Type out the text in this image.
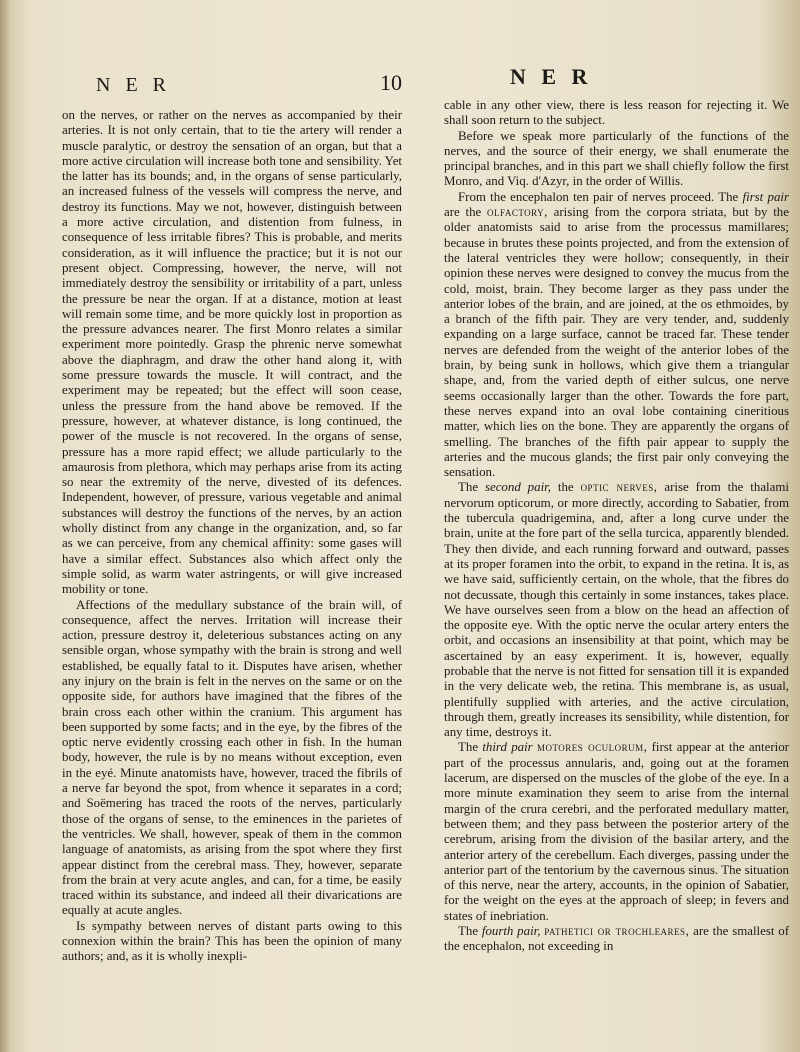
N E R	10	N E R

on the nerves, or rather on the nerves as accompanied by their arteries. It is not only certain, that to tie the artery will render a muscle paralytic, or destroy the sensation of an organ, but that a more active circulation will increase both tone and sensibility. Yet the latter has its bounds; and, in the organs of sense particularly, an increased fulness of the vessels will compress the nerve, and destroy its functions. May we not, however, distinguish between a more active circulation, and distention from fulness, in consequence of less irritable fibres? This is probable, and merits consideration, as it will influence the practice; but it is not our present object. Compressing, however, the nerve, will not immediately destroy the sensibility or irritability of a part, unless the pressure be near the organ. If at a distance, motion at least will remain some time, and be more quickly lost in proportion as the pressure advances nearer. The first Monro relates a similar experiment more pointedly. Grasp the phrenic nerve somewhat above the diaphragm, and draw the other hand along it, with some pressure towards the muscle. It will contract, and the experiment may be repeated; but the effect will soon cease, unless the pressure from the hand above be removed. If the pressure, however, at whatever distance, is long continued, the power of the muscle is not recovered. In the organs of sense, pressure has a more rapid effect; we allude particularly to the amaurosis from plethora, which may perhaps arise from its acting so near the extremity of the nerve, divested of its defences. Independent, however, of pressure, various vegetable and animal substances will destroy the functions of the nerves, by an action wholly distinct from any change in the organization, and, so far as we can perceive, from any chemical affinity: some gases will have a similar effect. Substances also which affect only the simple solid, as warm water astringents, or will give increased mobility or tone.

Affections of the medullary substance of the brain will, of consequence, affect the nerves. Irritation will increase their action, pressure destroy it, deleterious substances acting on any sensible organ, whose sympathy with the brain is strong and well established, be equally fatal to it. Disputes have arisen, whether any injury on the brain is felt in the nerves on the same or on the opposite side, for authors have imagined that the fibres of the brain cross each other within the cranium. This argument has been supported by some facts; and in the eye, by the fibres of the optic nerve evidently crossing each other in fish. In the human body, however, the rule is by no means without exception, even in the eyé. Minute anatomists have, however, traced the fibrils of a nerve far beyond the spot, from whence it separates in a cord; and Soëmering has traced the roots of the nerves, particularly those of the organs of sense, to the eminences in the parietes of the ventricles. We shall, however, speak of them in the common language of anatomists, as arising from the spot where they first appear distinct from the cerebral mass. They, however, separate from the brain at very acute angles, and can, for a time, be easily traced within its substance, and indeed all their divarications are equally at acute angles.

Is sympathy between nerves of distant parts owing to this connexion within the brain? This has been the opinion of many authors; and, as it is wholly inexpli-

cable in any other view, there is less reason for rejecting it. We shall soon return to the subject.

Before we speak more particularly of the functions of the nerves, and the source of their energy, we shall enumerate the principal branches, and in this part we shall chiefly follow the first Monro, and Viq. d'Azyr, in the order of Willis.

From the encephalon ten pair of nerves proceed. The first pair are the olfactory, arising from the corpora striata, but by the older anatomists said to arise from the processus mamillares; because in brutes these points projected, and from the extension of the lateral ventricles they were hollow; consequently, in their opinion these nerves were designed to convey the mucus from the cold, moist, brain. They become larger as they pass under the anterior lobes of the brain, and are joined, at the os ethmoides, by a branch of the fifth pair. They are very tender, and, suddenly expanding on a large surface, cannot be traced far. These tender nerves are defended from the weight of the anterior lobes of the brain, by being sunk in hollows, which give them a triangular shape, and, from the varied depth of either sulcus, one nerve seems occasionally larger than the other. Towards the fore part, these nerves expand into an oval lobe containing cineritious matter, which lies on the bone. They are apparently the organs of smelling. The branches of the fifth pair appear to supply the arteries and the mucous glands; the first pair only conveying the sensation.

The second pair, the optic nerves, arise from the thalami nervorum opticorum, or more directly, according to Sabatier, from the tubercula quadrigemina, and, after a long curve under the brain, unite at the fore part of the sella turcica, apparently blended. They then divide, and each running forward and outward, passes at its proper foramen into the orbit, to expand in the retina. It is, as we have said, sufficiently certain, on the whole, that the fibres do not decussate, though this certainly in some instances, takes place. We have ourselves seen from a blow on the head an affection of the opposite eye. With the optic nerve the ocular artery enters the orbit, and occasions an insensibility at that point, which may be ascertained by an easy experiment. It is, however, equally probable that the nerve is not fitted for sensation till it is expanded in the very delicate web, the retina. This membrane is, as usual, plentifully supplied with arteries, and the active circulation, through them, greatly increases its sensibility, while distention, for any time, destroys it.

The third pair motores oculorum, first appear at the anterior part of the processus annularis, and, going out at the foramen lacerum, are dispersed on the muscles of the globe of the eye. In a more minute examination they seem to arise from the internal margin of the crura cerebri, and the perforated medullary matter, between them; and they pass between the posterior artery of the cerebrum, arising from the division of the basilar artery, and the anterior artery of the cerebellum. Each diverges, passing under the anterior part of the tentorium by the cavernous sinus. The situation of this nerve, near the artery, accounts, in the opinion of Sabatier, for the weight on the eyes at the approach of sleep; in fevers and states of inebriation.

The fourth pair, pathetici or trochleares, are the smallest of the encephalon, not exceeding in
